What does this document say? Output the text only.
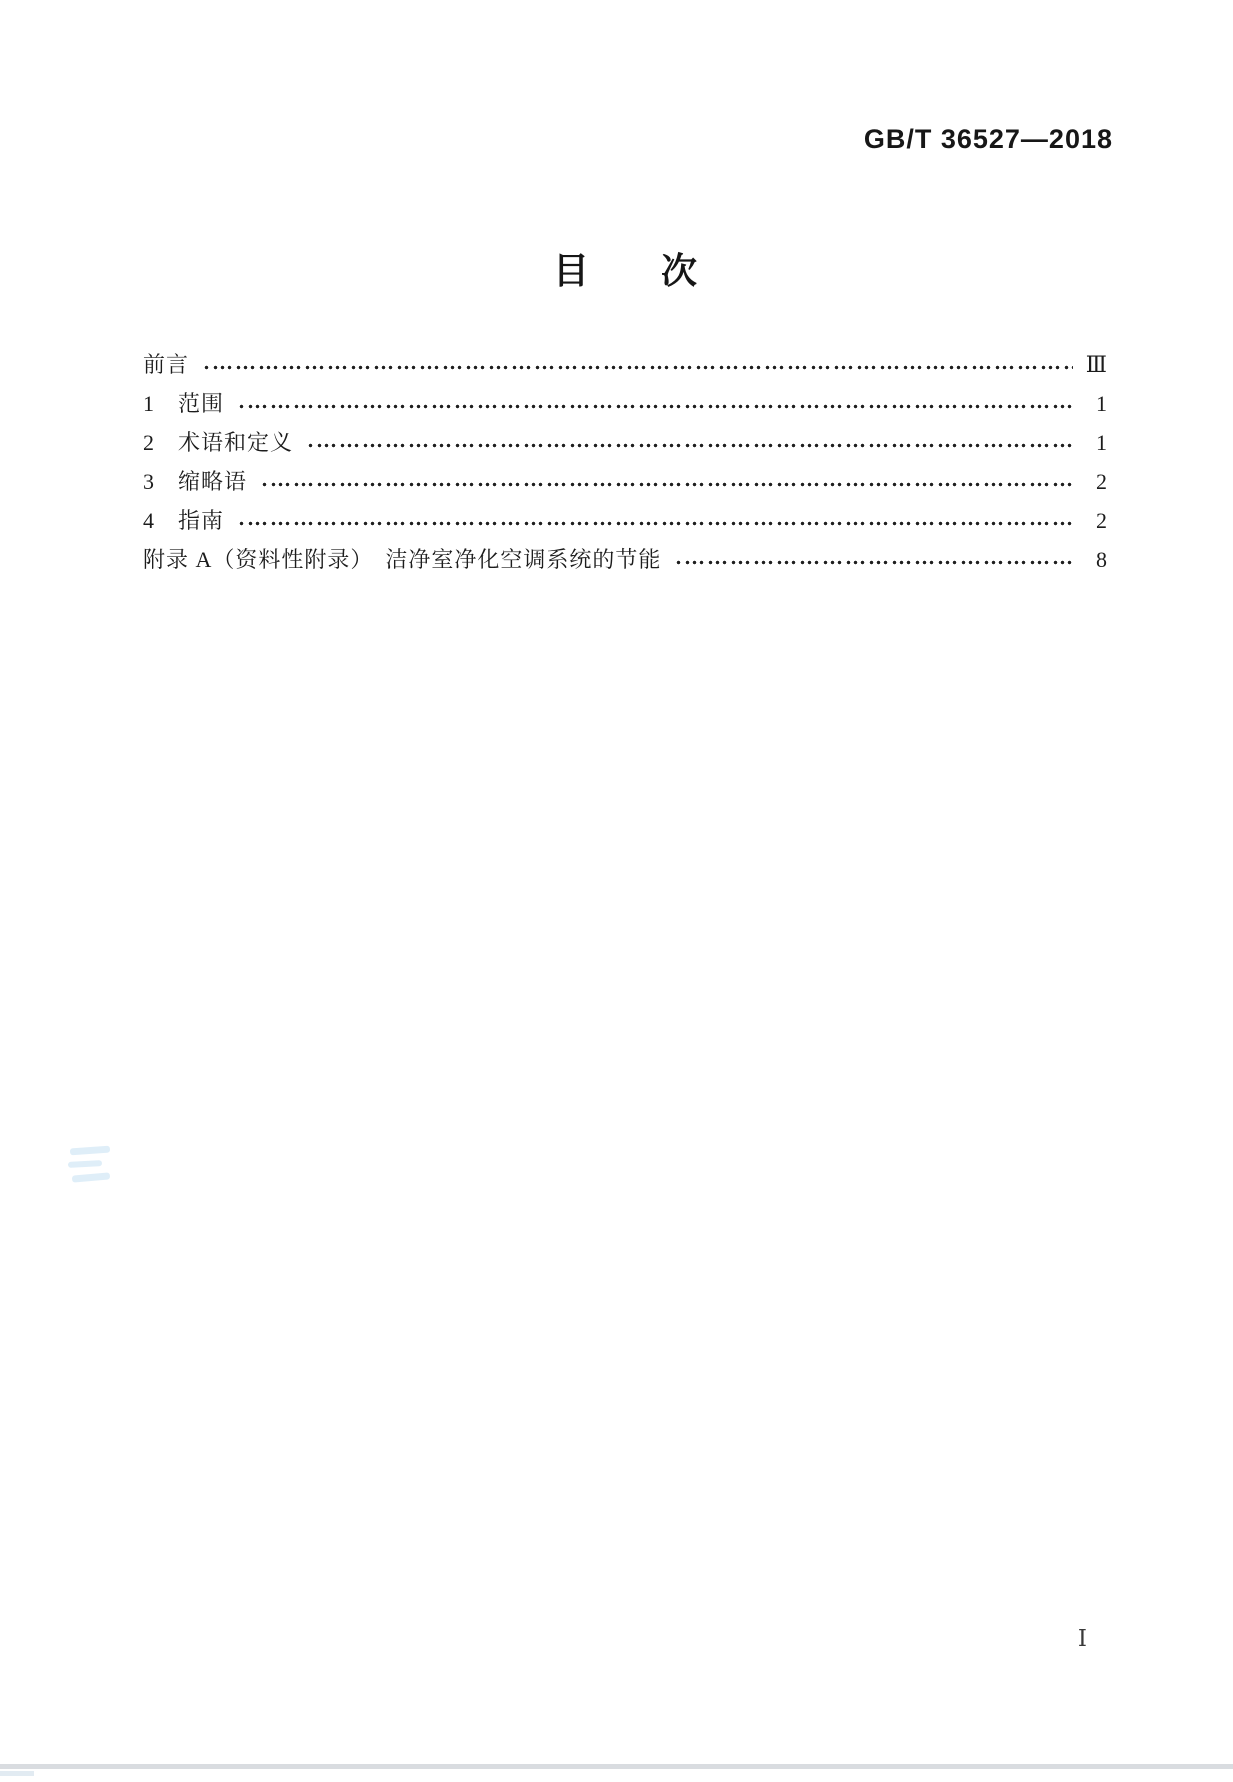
GB/T 36527—2018
目　　次
前言	Ⅲ
1	范围	1
2	术语和定义	1
3	缩略语	2
4	指南	2
附录 A（资料性附录）　洁净室净化空调系统的节能	8
Ⅰ
